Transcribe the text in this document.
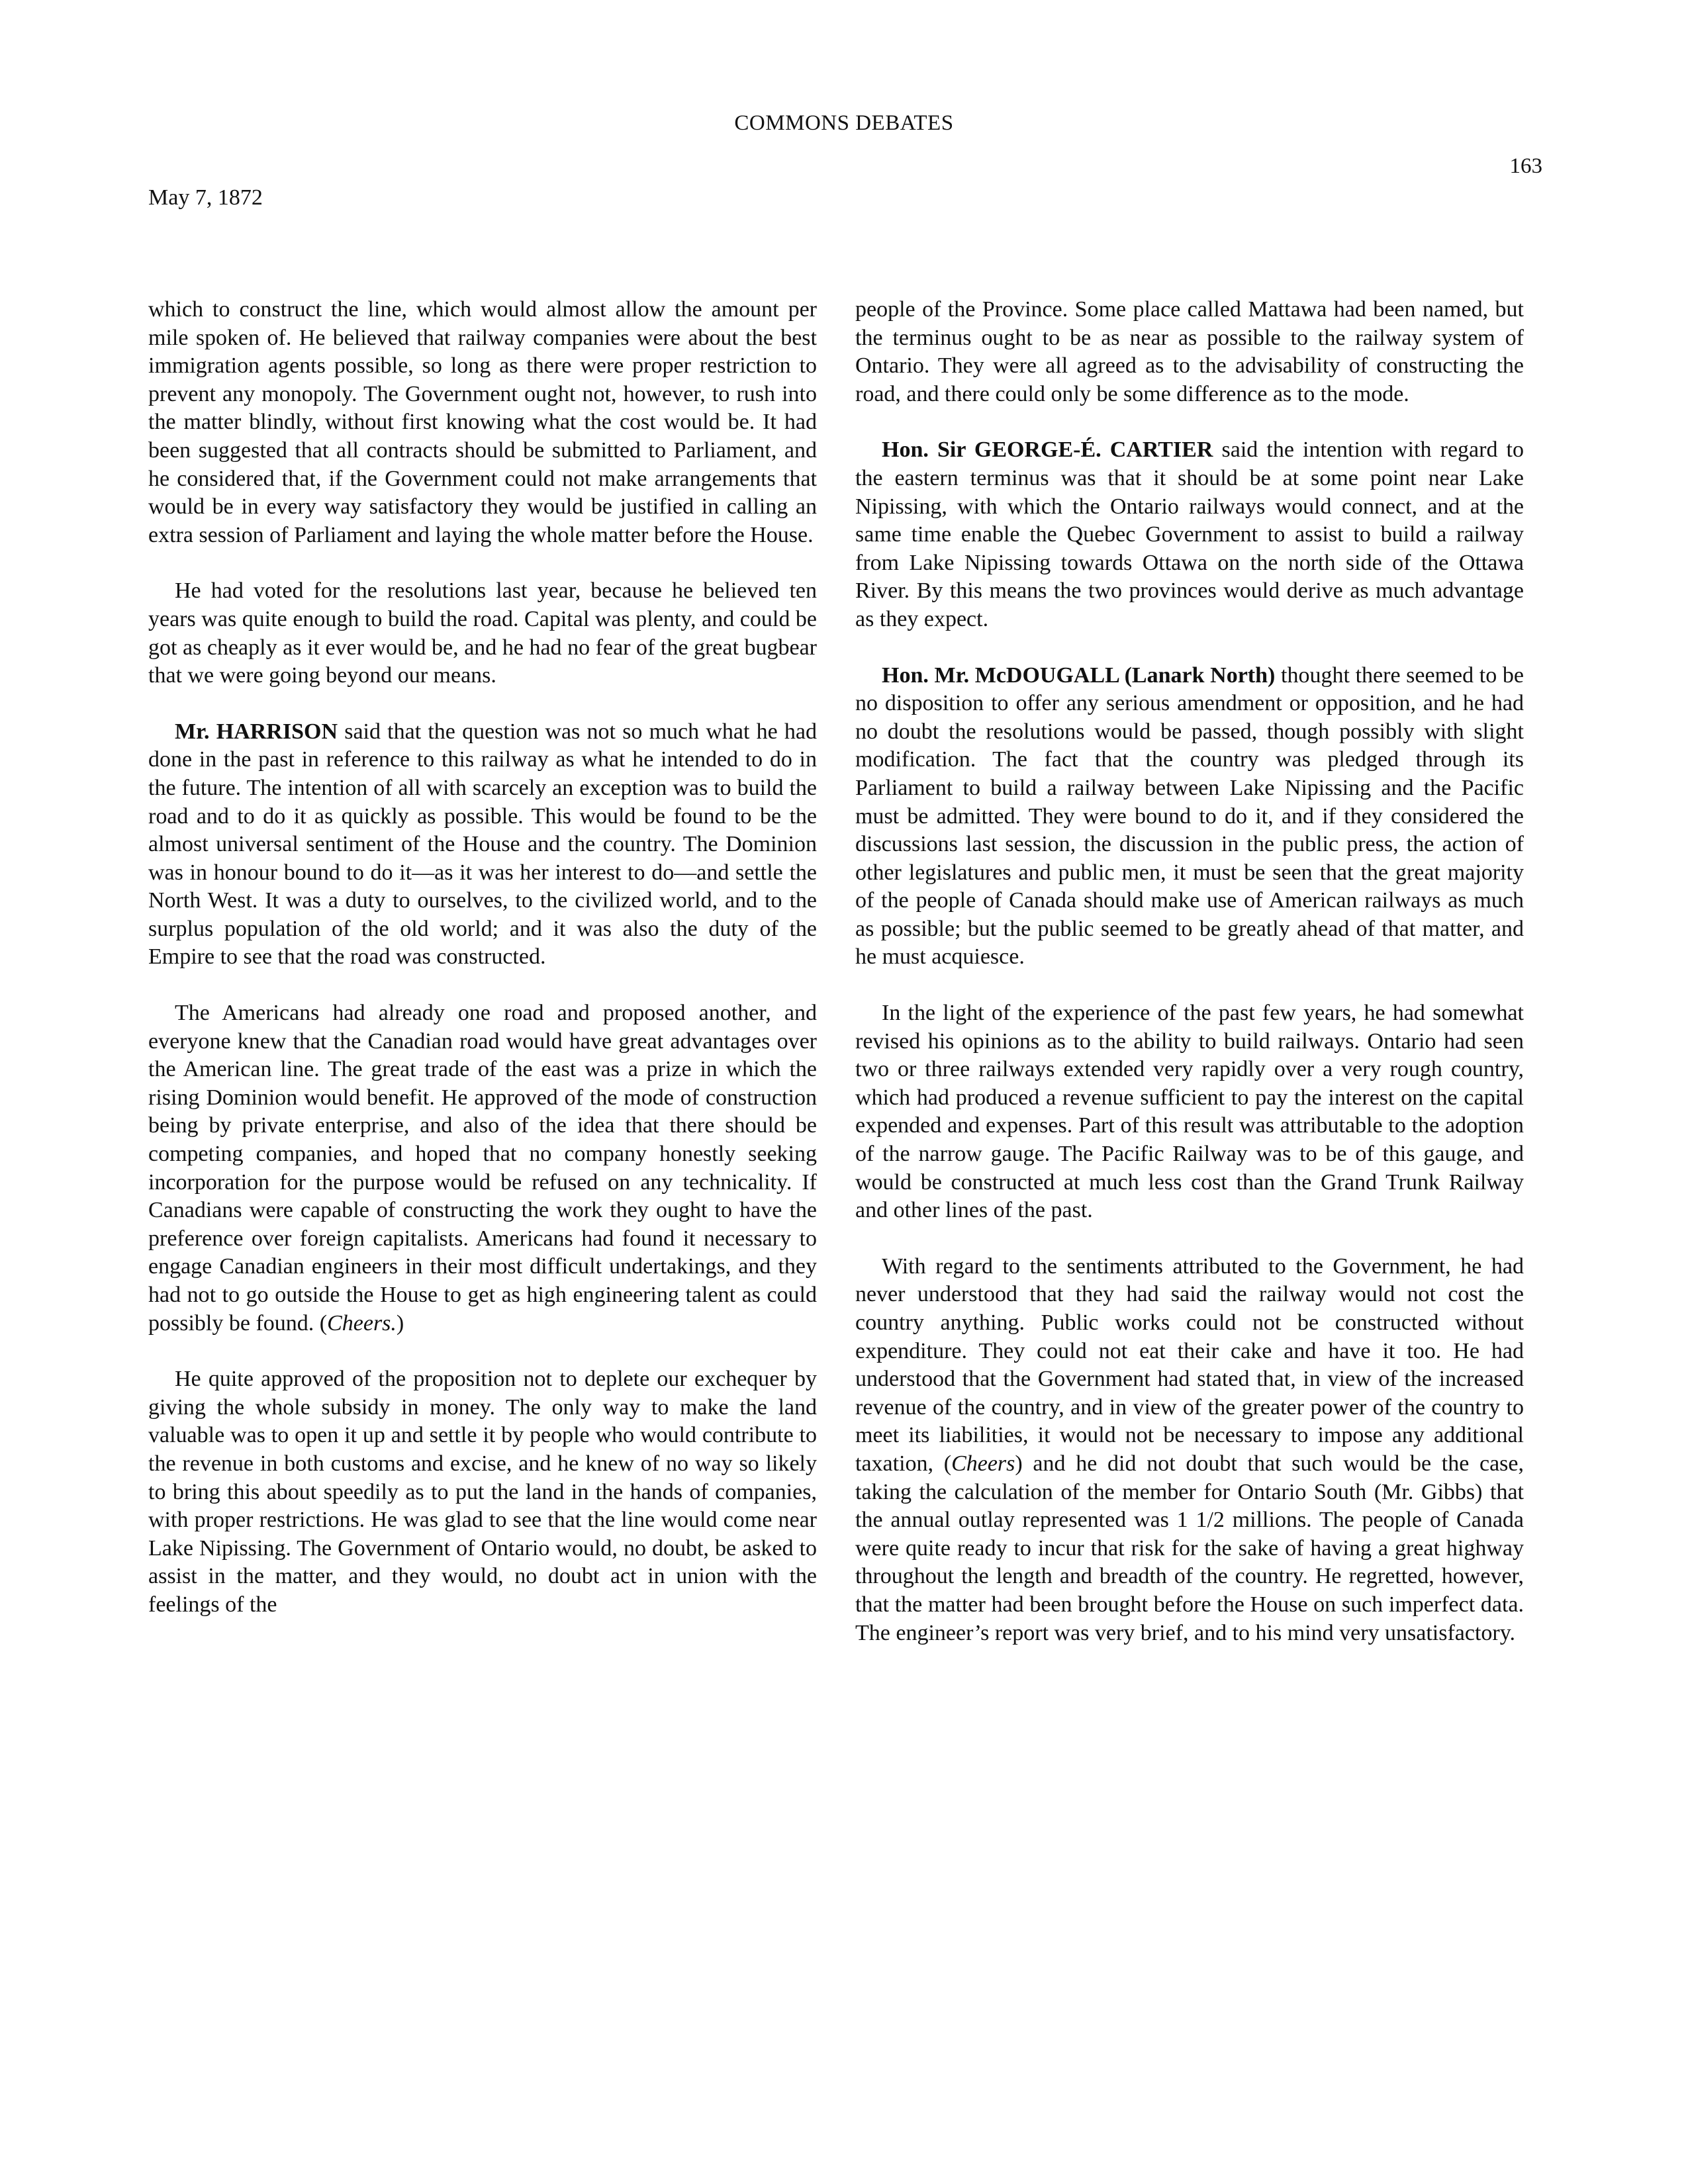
COMMONS DEBATES
163
May 7, 1872

which to construct the line, which would almost allow the amount per mile spoken of. He believed that railway companies were about the best immigration agents possible, so long as there were proper restriction to prevent any monopoly. The Government ought not, however, to rush into the matter blindly, without first knowing what the cost would be. It had been suggested that all contracts should be submitted to Parliament, and he considered that, if the Government could not make arrangements that would be in every way satisfactory they would be justified in calling an extra session of Parliament and laying the whole matter before the House.

He had voted for the resolutions last year, because he believed ten years was quite enough to build the road. Capital was plenty, and could be got as cheaply as it ever would be, and he had no fear of the great bugbear that we were going beyond our means.

Mr. HARRISON said that the question was not so much what he had done in the past in reference to this railway as what he intended to do in the future. The intention of all with scarcely an exception was to build the road and to do it as quickly as possible. This would be found to be the almost universal sentiment of the House and the country. The Dominion was in honour bound to do it—as it was her interest to do—and settle the North West. It was a duty to ourselves, to the civilized world, and to the surplus population of the old world; and it was also the duty of the Empire to see that the road was constructed.

The Americans had already one road and proposed another, and everyone knew that the Canadian road would have great advantages over the American line. The great trade of the east was a prize in which the rising Dominion would benefit. He approved of the mode of construction being by private enterprise, and also of the idea that there should be competing companies, and hoped that no company honestly seeking incorporation for the purpose would be refused on any technicality. If Canadians were capable of constructing the work they ought to have the preference over foreign capitalists. Americans had found it necessary to engage Canadian engineers in their most difficult undertakings, and they had not to go outside the House to get as high engineering talent as could possibly be found. (Cheers.)

He quite approved of the proposition not to deplete our exchequer by giving the whole subsidy in money. The only way to make the land valuable was to open it up and settle it by people who would contribute to the revenue in both customs and excise, and he knew of no way so likely to bring this about speedily as to put the land in the hands of companies, with proper restrictions. He was glad to see that the line would come near Lake Nipissing. The Government of Ontario would, no doubt, be asked to assist in the matter, and they would, no doubt act in union with the feelings of the

people of the Province. Some place called Mattawa had been named, but the terminus ought to be as near as possible to the railway system of Ontario. They were all agreed as to the advisability of constructing the road, and there could only be some difference as to the mode.

Hon. Sir GEORGE-É. CARTIER said the intention with regard to the eastern terminus was that it should be at some point near Lake Nipissing, with which the Ontario railways would connect, and at the same time enable the Quebec Government to assist to build a railway from Lake Nipissing towards Ottawa on the north side of the Ottawa River. By this means the two provinces would derive as much advantage as they expect.

Hon. Mr. McDOUGALL (Lanark North) thought there seemed to be no disposition to offer any serious amendment or opposition, and he had no doubt the resolutions would be passed, though possibly with slight modification. The fact that the country was pledged through its Parliament to build a railway between Lake Nipissing and the Pacific must be admitted. They were bound to do it, and if they considered the discussions last session, the discussion in the public press, the action of other legislatures and public men, it must be seen that the great majority of the people of Canada should make use of American railways as much as possible; but the public seemed to be greatly ahead of that matter, and he must acquiesce.

In the light of the experience of the past few years, he had somewhat revised his opinions as to the ability to build railways. Ontario had seen two or three railways extended very rapidly over a very rough country, which had produced a revenue sufficient to pay the interest on the capital expended and expenses. Part of this result was attributable to the adoption of the narrow gauge. The Pacific Railway was to be of this gauge, and would be constructed at much less cost than the Grand Trunk Railway and other lines of the past.

With regard to the sentiments attributed to the Government, he had never understood that they had said the railway would not cost the country anything. Public works could not be constructed without expenditure. They could not eat their cake and have it too. He had understood that the Government had stated that, in view of the increased revenue of the country, and in view of the greater power of the country to meet its liabilities, it would not be necessary to impose any additional taxation, (Cheers) and he did not doubt that such would be the case, taking the calculation of the member for Ontario South (Mr. Gibbs) that the annual outlay represented was 1 1/2 millions. The people of Canada were quite ready to incur that risk for the sake of having a great highway throughout the length and breadth of the country. He regretted, however, that the matter had been brought before the House on such imperfect data. The engineer’s report was very brief, and to his mind very unsatisfactory.
